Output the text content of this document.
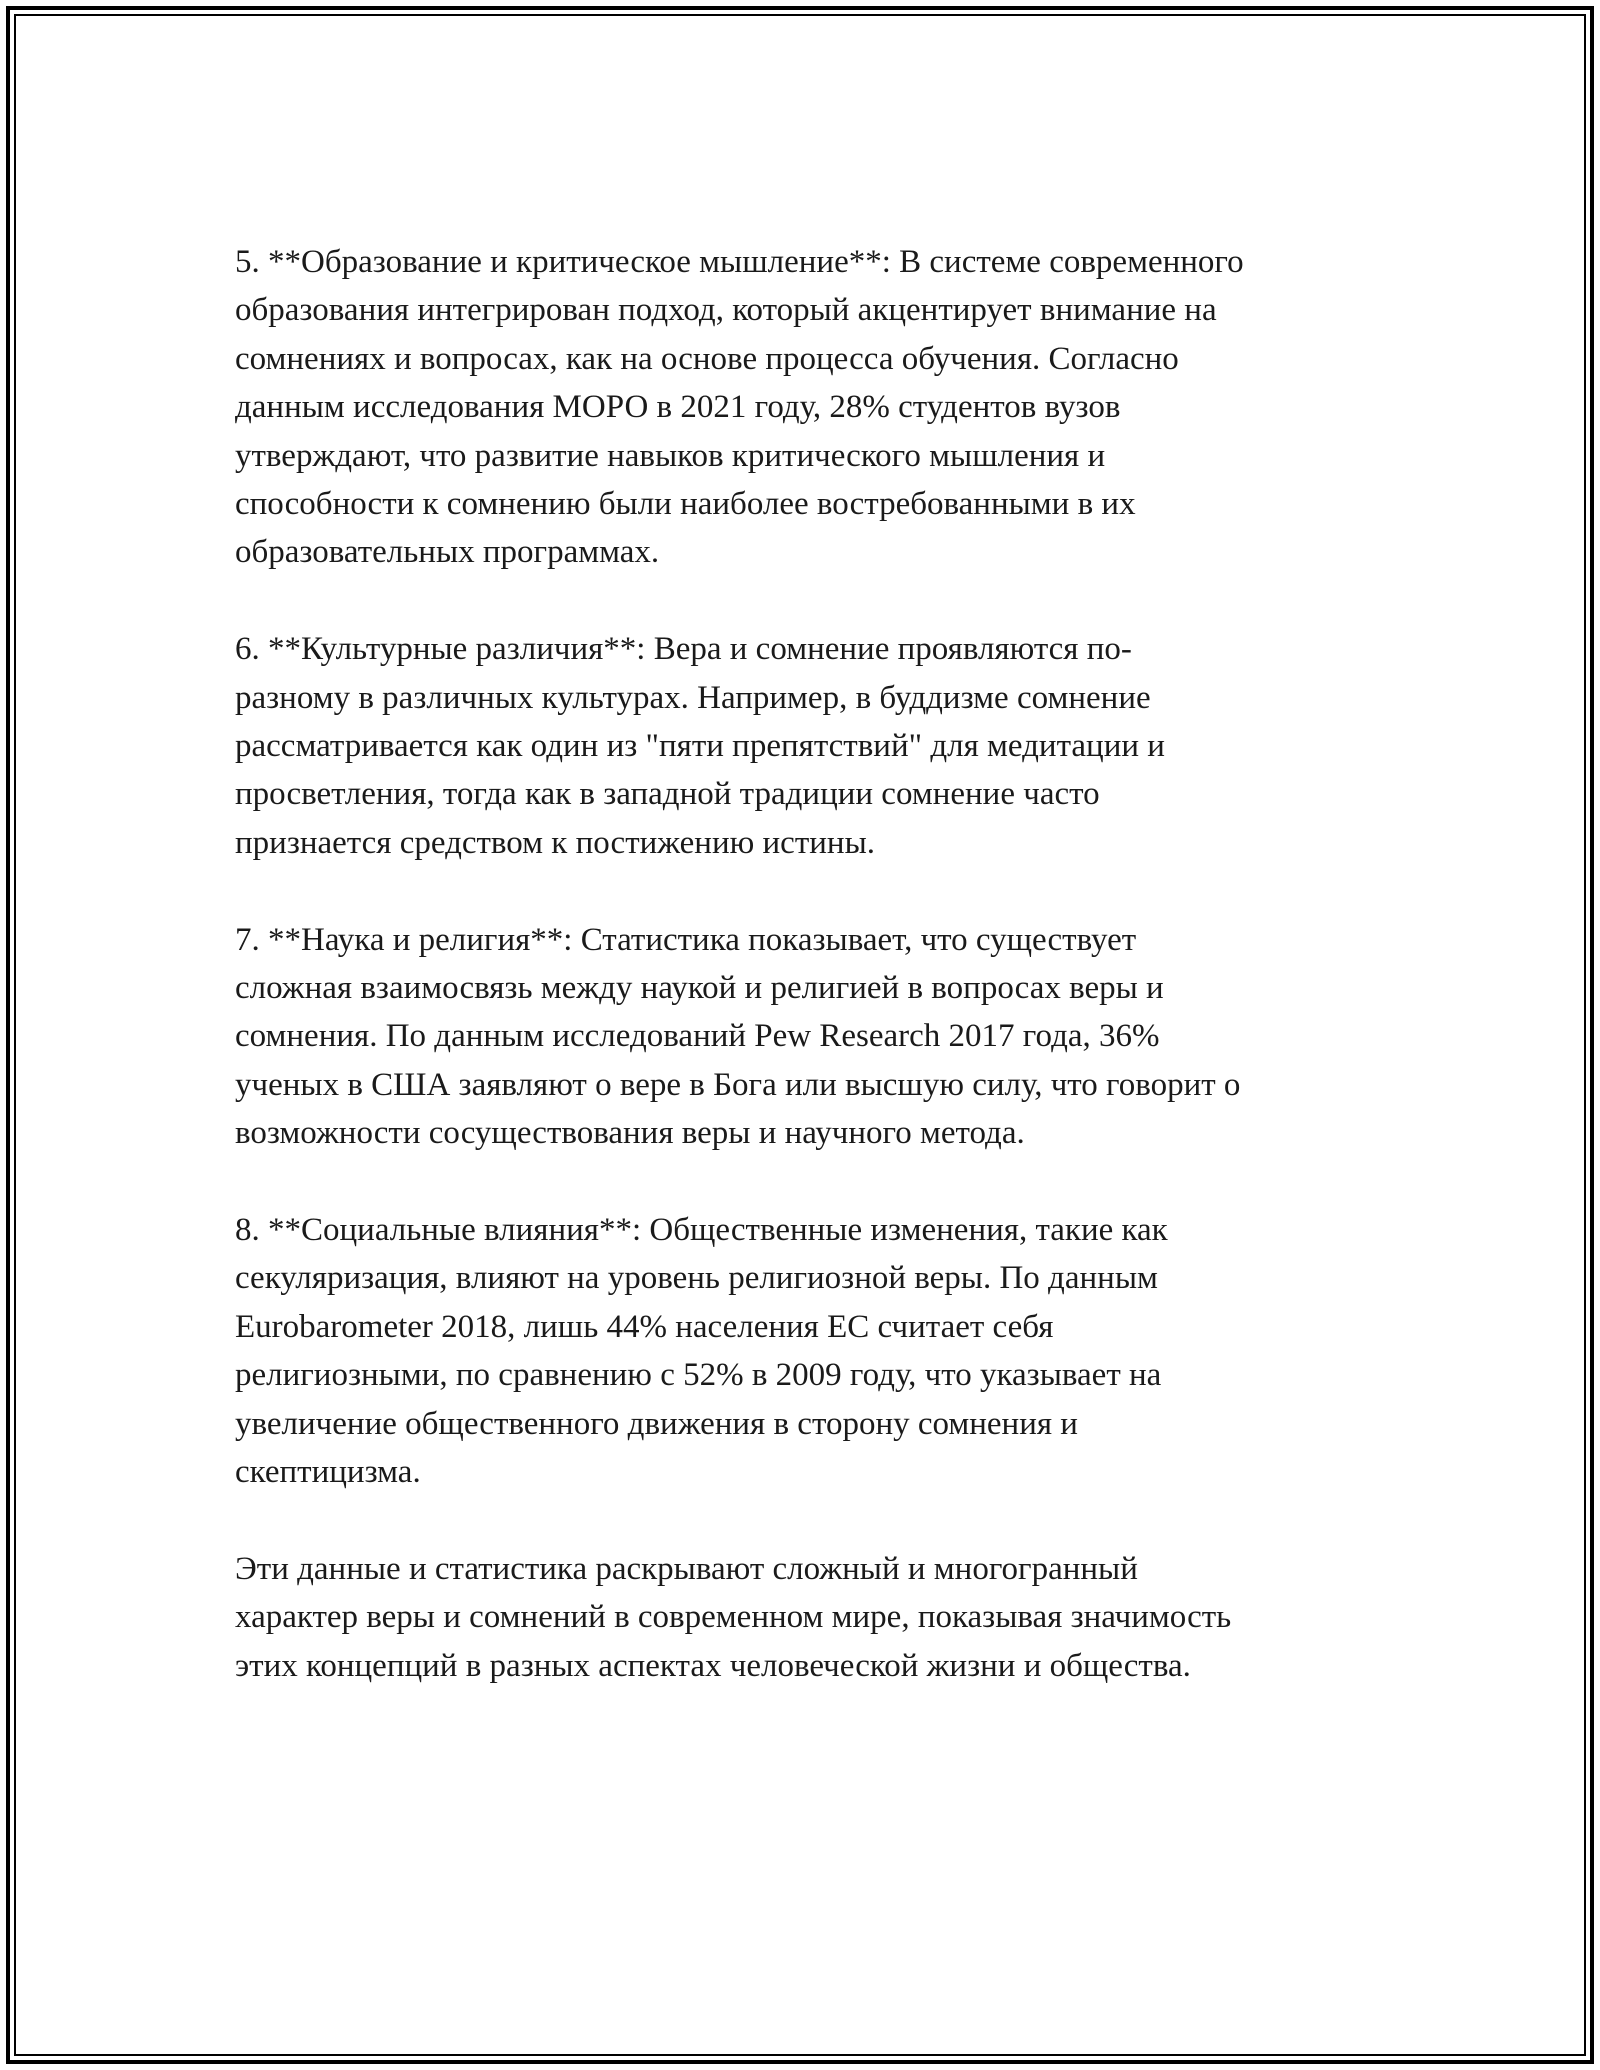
5. **Образование и критическое мышление**: В системе современного
образования интегрирован подход, который акцентирует внимание на
сомнениях и вопросах, как на основе процесса обучения. Согласно
данным исследования МОРО в 2021 году, 28% студентов вузов
утверждают, что развитие навыков критического мышления и
способности к сомнению были наиболее востребованными в их
образовательных программах.

6. **Культурные различия**: Вера и сомнение проявляются по-
разному в различных культурах. Например, в буддизме сомнение
рассматривается как один из "пяти препятствий" для медитации и
просветления, тогда как в западной традиции сомнение часто
признается средством к постижению истины.

7. **Наука и религия**: Статистика показывает, что существует
сложная взаимосвязь между наукой и религией в вопросах веры и
сомнения. По данным исследований Pew Research 2017 года, 36%
ученых в США заявляют о вере в Бога или высшую силу, что говорит о
возможности сосуществования веры и научного метода.

8. **Социальные влияния**: Общественные изменения, такие как
секуляризация, влияют на уровень религиозной веры. По данным
Eurobarometer 2018, лишь 44% населения ЕС считает себя
религиозными, по сравнению с 52% в 2009 году, что указывает на
увеличение общественного движения в сторону сомнения и
скептицизма.

Эти данные и статистика раскрывают сложный и многогранный
характер веры и сомнений в современном мире, показывая значимость
этих концепций в разных аспектах человеческой жизни и общества.
